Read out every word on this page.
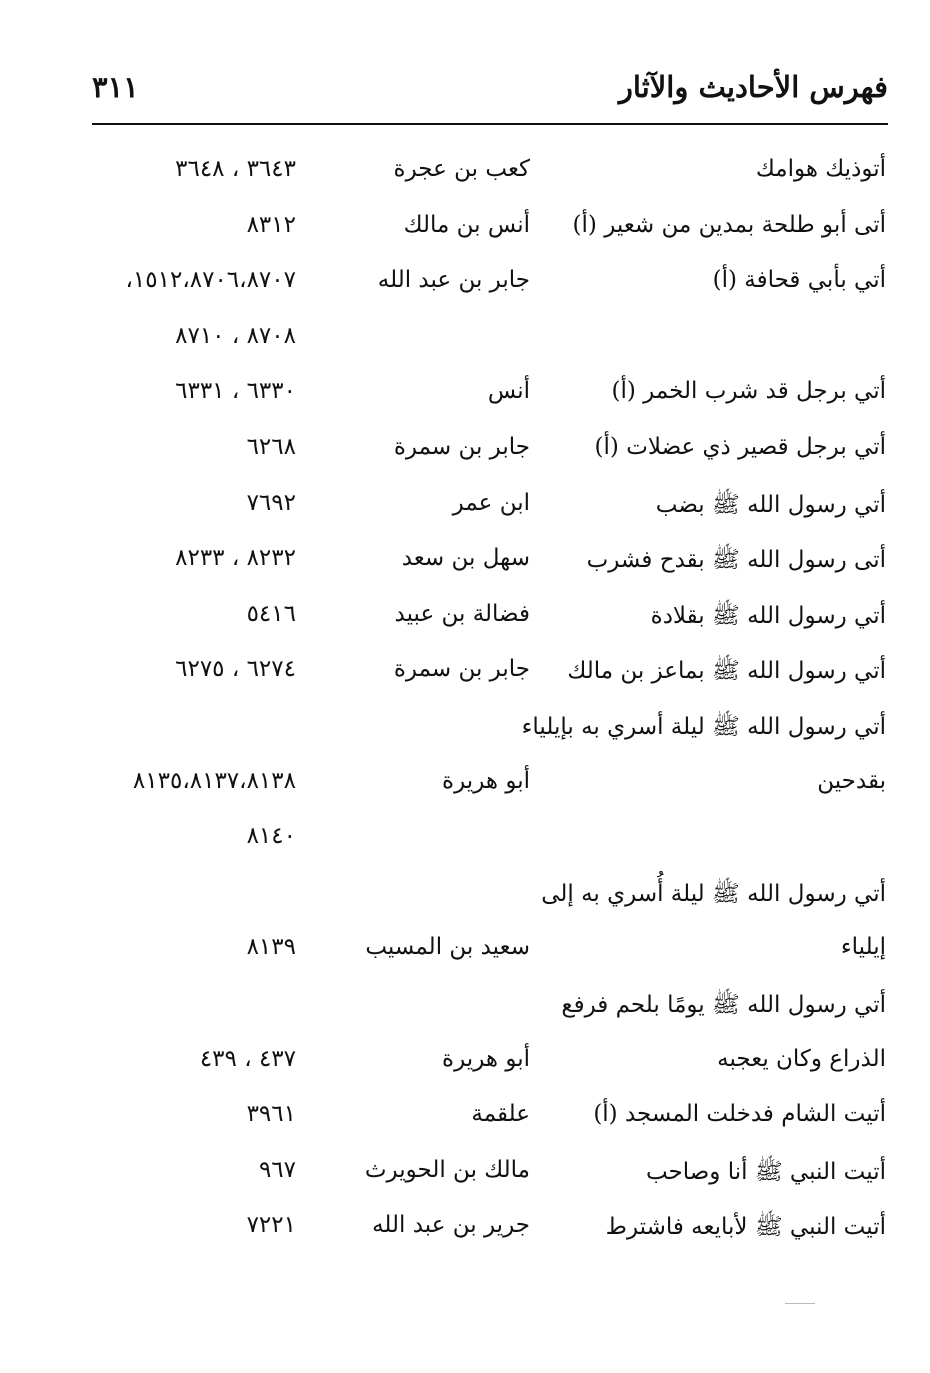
فهرس الأحاديث والآثار
٣١١
أتوذيك هوامك
كعب بن عجرة
٣٦٤٣ ، ٣٦٤٨
أتى أبو طلحة بمدين من شعير (أ)
أنس بن مالك
٨٣١٢
أتي بأبي قحافة (أ)
جابر بن عبد الله
١٥١٢،٨٧٠٦،٨٧٠٧،
٨٧٠٨ ، ٨٧١٠
أتي برجل قد شرب الخمر (أ)
أنس
٦٣٣٠ ، ٦٣٣١
أتي برجل قصير ذي عضلات (أ)
جابر بن سمرة
٦٢٦٨
أتي رسول الله ﷺ بضب
ابن عمر
٧٦٩٢
أتى رسول الله ﷺ بقدح فشرب
سهل بن سعد
٨٢٣٢ ، ٨٢٣٣
أتي رسول الله ﷺ بقلادة
فضالة بن عبيد
٥٤١٦
أتي رسول الله ﷺ بماعز بن مالك
جابر بن سمرة
٦٢٧٤ ، ٦٢٧٥
أتي رسول الله ﷺ ليلة أسري به بإيلياء
بقدحين
أبو هريرة
٨١٣٥،٨١٣٧،٨١٣٨
٨١٤٠
أتي رسول الله ﷺ ليلة أُسري به إلى
إيلياء
سعيد بن المسيب
٨١٣٩
أتي رسول الله ﷺ يومًا بلحم فرفع
الذراع وكان يعجبه
أبو هريرة
٤٣٧ ، ٤٣٩
أتيت الشام فدخلت المسجد (أ)
علقمة
٣٩٦١
أتيت النبي ﷺ أنا وصاحب
مالك بن الحويرث
٩٦٧
أتيت النبي ﷺ لأبايعه فاشترط
جرير بن عبد الله
٧٢٢١
